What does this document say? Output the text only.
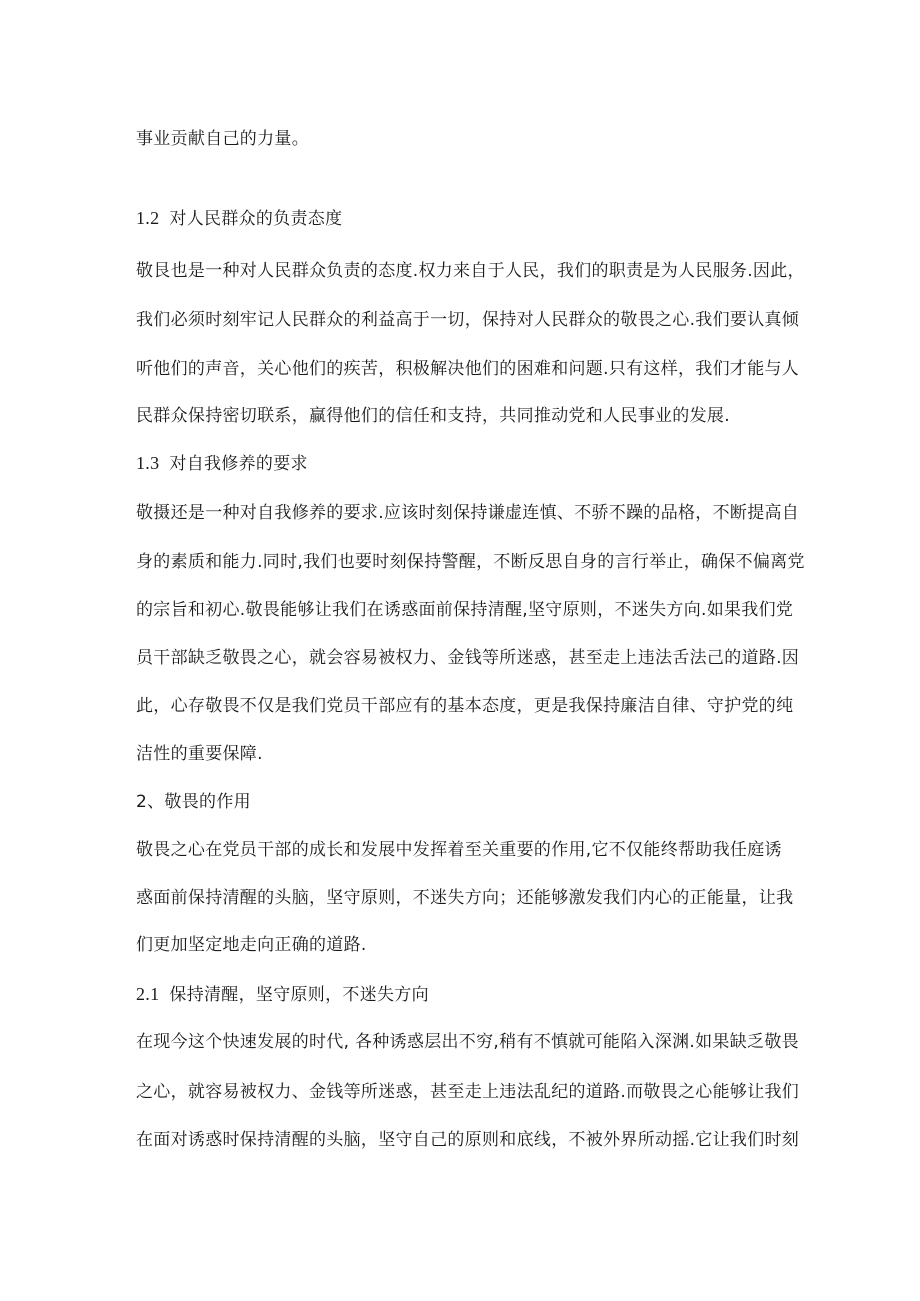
事业贡献自己的力量。
1.2 对人民群众的负责态度
敬艮也是一种对人民群众负责的态度.权力来自于人民，我们的职责是为人民服务.因此，
我们必须时刻牢记人民群众的利益高于一切，保持对人民群众的敬畏之心.我们要认真倾
听他们的声音，关心他们的疾苦，积极解决他们的困难和问题.只有这样，我们才能与人
民群众保持密切联系，赢得他们的信任和支持，共同推动党和人民事业的发展.
1.3 对自我修养的要求
敬摄还是一种对自我修养的要求.应该时刻保持谦虚连慎、不骄不躁的品格，不断提高自
身的素质和能力.同时,我们也要时刻保持警醒，不断反思自身的言行举止，确保不偏离党
的宗旨和初心.敬畏能够让我们在诱惑面前保持清醒,坚守原则，不迷失方向.如果我们党
员干部缺乏敬畏之心，就会容易被权力、金钱等所迷惑，甚至走上违法舌法己的道路.因
此，心存敬畏不仅是我们党员干部应有的基本态度，更是我保持廉洁自律、守护党的纯
洁性的重要保障.
2、敬畏的作用
敬畏之心在党员干部的成长和发展中发挥着至关重要的作用,它不仅能终帮助我任庭诱
惑面前保持清醒的头脑，坚守原则，不迷失方向；还能够激发我们内心的正能量，让我
们更加坚定地走向正确的道路.
2.1 保持清醒，坚守原则，不迷失方向
在现今这个快速发展的时代, 各种诱惑层出不穷,稍有不慎就可能陷入深渊.如果缺乏敬畏
之心，就容易被权力、金钱等所迷惑，甚至走上违法乱纪的道路.而敬畏之心能够让我们
在面对诱惑时保持清醒的头脑，坚守自己的原则和底线，不被外界所动摇.它让我们时刻
